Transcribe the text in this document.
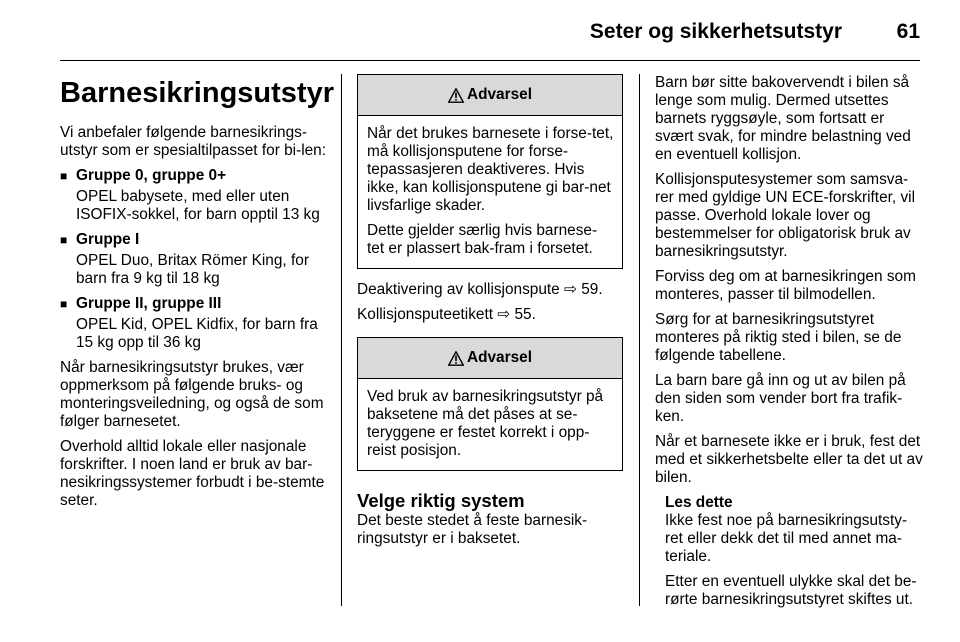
Seter og sikkerhetsutstyr	61
Barnesikringsutstyr

Vi anbefaler følgende barnesikrings-utstyr som er spesialtilpasset for bi-len:

■ Gruppe 0, gruppe 0+

OPEL babysete, med eller uten ISOFIX-sokkel, for barn opptil 13 kg

■ Gruppe I

OPEL Duo, Britax Römer King, for barn fra 9 kg til 18 kg

■ Gruppe II, gruppe III

OPEL Kid, OPEL Kidfix, for barn fra 15 kg opp til 36 kg

Når barnesikringsutstyr brukes, vær oppmerksom på følgende bruks- og monteringsveiledning, og også de som følger barnesetet.

Overhold alltid lokale eller nasjonale forskrifter. I noen land er bruk av bar-nesikringssystemer forbudt i be-stemte seter.

Advarsel

Når det brukes barnesete i forse-tet, må kollisjonsputene for forse-tepassasjeren deaktiveres. Hvis ikke, kan kollisjonsputene gi bar-net livsfarlige skader.

Dette gjelder særlig hvis barnese-tet er plassert bak-fram i forsetet.

Deaktivering av kollisjonspute ⇨ 59.

Kollisjonsputeetikett ⇨ 55.

Advarsel

Ved bruk av barnesikringsutstyr på baksetene må det påses at se-teryggene er festet korrekt i opp-reist posisjon.

Velge riktig system

Det beste stedet å feste barnesik-ringsutstyr er i baksetet.

Barn bør sitte bakovervendt i bilen så lenge som mulig. Dermed utsettes barnets ryggsøyle, som fortsatt er svært svak, for mindre belastning ved en eventuell kollisjon.

Kollisjonsputesystemer som samsva-rer med gyldige UN ECE-forskrifter, vil passe. Overhold lokale lover og bestemmelser for obligatorisk bruk av barnesikringsutstyr.

Forviss deg om at barnesikringen som monteres, passer til bilmodellen.

Sørg for at barnesikringsutstyret monteres på riktig sted i bilen, se de følgende tabellene.

La barn bare gå inn og ut av bilen på den siden som vender bort fra trafik-ken.

Når et barnesete ikke er i bruk, fest det med et sikkerhetsbelte eller ta det ut av bilen.

Les dette

Ikke fest noe på barnesikringsutsty-ret eller dekk det til med annet ma-teriale.

Etter en eventuell ulykke skal det be-rørte barnesikringsutstyret skiftes ut.
